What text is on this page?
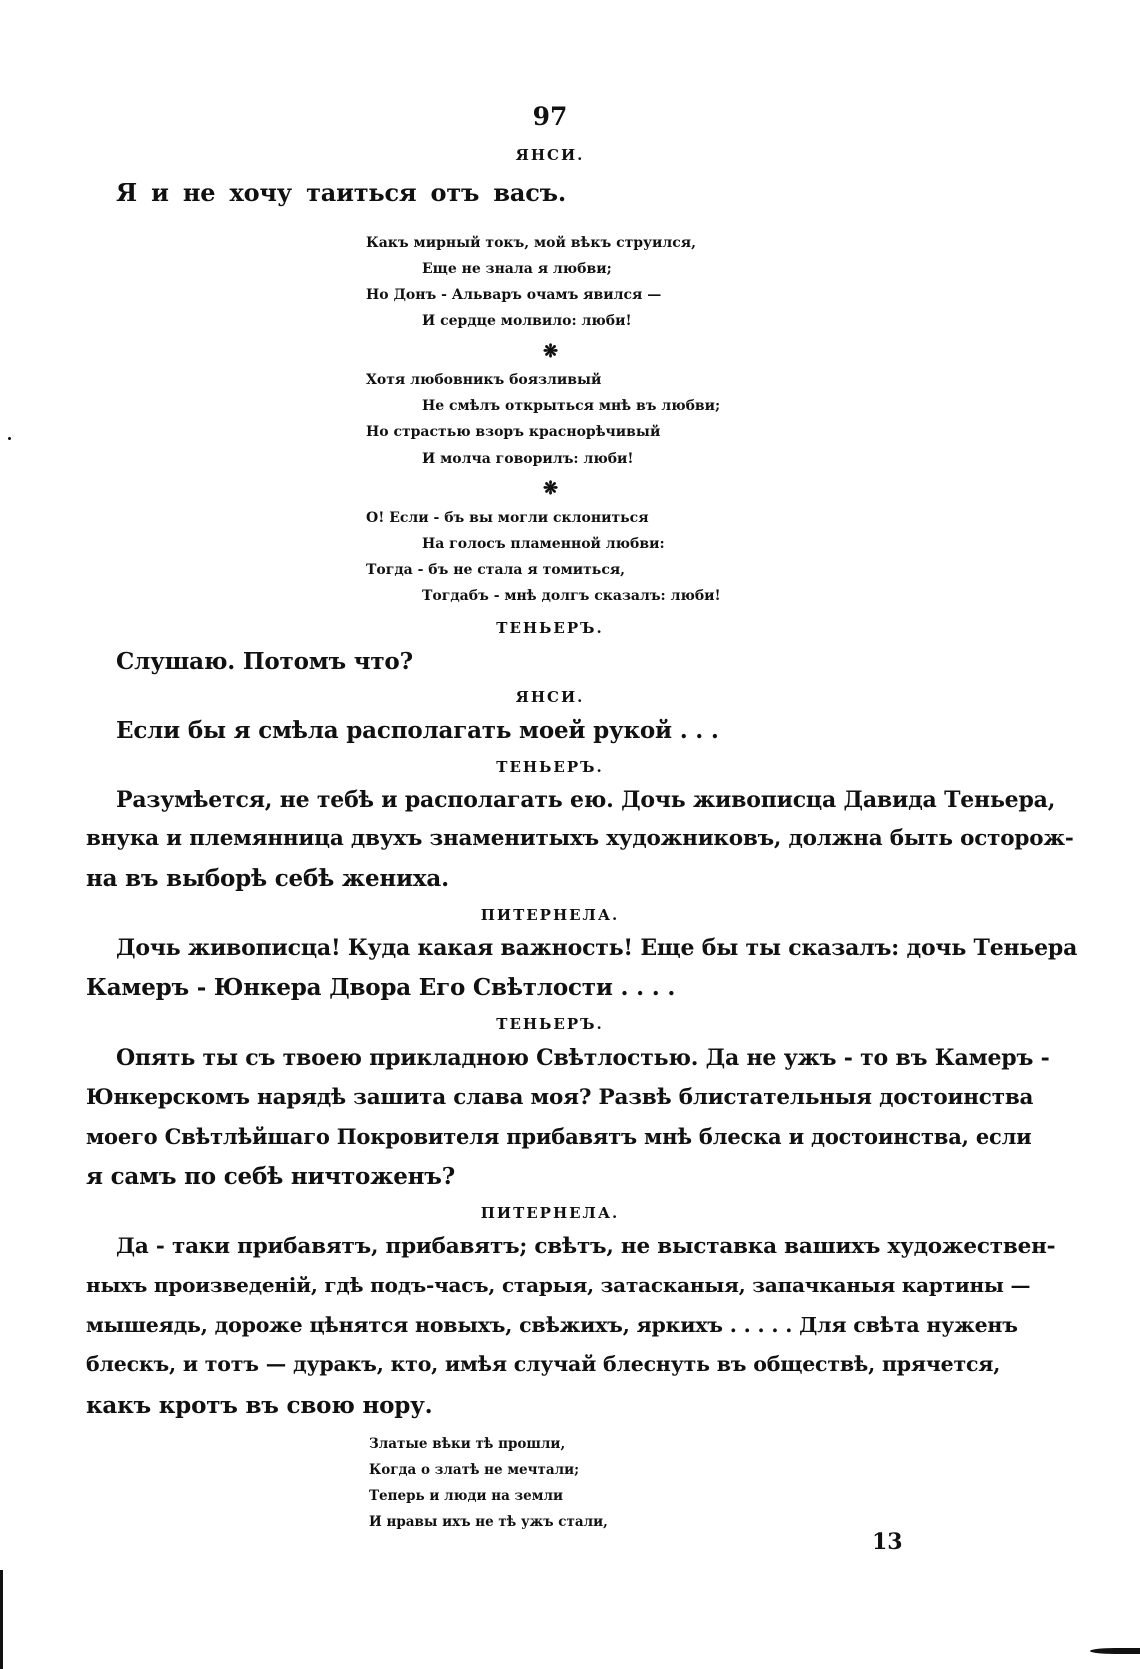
97
ЯНСИ.
Я и не хочу таиться отъ васъ.
Какъ мирный токъ, мой вѣкъ струился,
Еще не знала я любви;
Но Донъ - Альваръ очамъ явился —
И сердце молвило: люби!
❋
Хотя любовникъ боязливый
Не смѣлъ открыться мнѣ въ любви;
Но страстью взоръ краснорѣчивый
И молча говорилъ: люби!
❋
О! Если - бъ вы могли склониться
На голосъ пламенной любви:
Тогда - бъ не стала я томиться,
Тогдабъ - мнѣ долгъ сказалъ: люби!
ТЕНЬЕРЪ.
Слушаю. Потомъ что?
ЯНСИ.
Если бы я смѣла располагать моей рукой . . .
ТЕНЬЕРЪ.
Разумѣется, не тебѣ и располагать ею. Дочь живописца Давида Теньера,
внука и племянница двухъ знаменитыхъ художниковъ, должна быть осторож-
на въ выборѣ себѣ жениха.
ПИТЕРНЕЛА.
Дочь живописца! Куда какая важность! Еще бы ты сказалъ: дочь Теньера
Камеръ - Юнкера Двора Его Свѣтлости . . . .
ТЕНЬЕРЪ.
Опять ты съ твоею прикладною Свѣтлостью. Да не ужъ - то въ Камеръ -
Юнкерскомъ нарядѣ зашита слава моя? Развѣ блистательныя достоинства
моего Свѣтлѣйшаго Покровителя прибавятъ мнѣ блеска и достоинства, если
я самъ по себѣ ничтоженъ?
ПИТЕРНЕЛА.
Да - таки прибавятъ, прибавятъ; свѣтъ, не выставка вашихъ художествен-
ныхъ произведеній, гдѣ подъ-часъ, старыя, затасканыя, запачканыя картины —
мышеядь, дороже цѣнятся новыхъ, свѣжихъ, яркихъ . . . . . Для свѣта нуженъ
блескъ, и тотъ — дуракъ, кто, имѣя случай блеснуть въ обществѣ, прячется,
какъ кротъ въ свою нору.
Златые вѣки тѣ прошли,
Когда о златѣ не мечтали;
Теперь и люди на земли
И нравы ихъ не тѣ ужъ стали,
13
